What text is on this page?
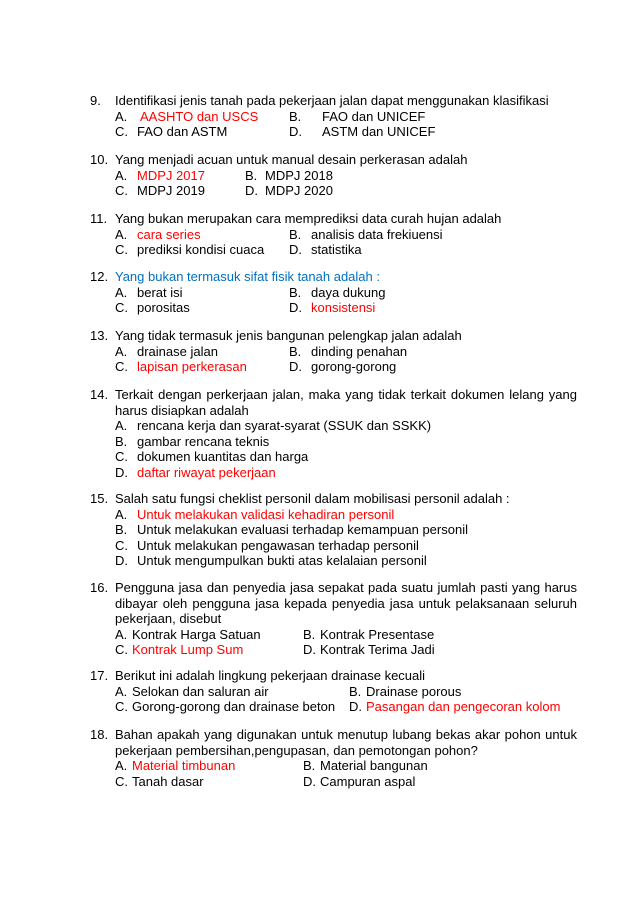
9. Identifikasi jenis tanah pada pekerjaan jalan dapat menggunakan klasifikasi
A. AASHTO dan USCS B. FAO dan UNICEF
C. FAO dan ASTM	D. ASTM dan UNICEF
10. Yang menjadi acuan untuk manual desain perkerasan adalah
A. MDPJ 2017	B. MDPJ 2018
C. MDPJ 2019	D. MDPJ 2020
11. Yang bukan merupakan cara memprediksi data curah hujan adalah
A. cara series	B. analisis data frekiuensi
C. prediksi kondisi cuaca D. statistika
12. Yang bukan termasuk sifat fisik tanah adalah :
A. berat isi	B. daya dukung
C. porositas	D. konsistensi
13. Yang tidak termasuk jenis bangunan pelengkap jalan adalah
A. drainase jalan	B. dinding penahan
C. lapisan perkerasan	D. gorong-gorong
14. Terkait dengan perkerjaan jalan, maka yang tidak terkait dokumen lelang yang harus disiapkan adalah
A. rencana kerja dan syarat-syarat (SSUK dan SSKK)
B. gambar rencana teknis
C. dokumen kuantitas dan harga
D. daftar riwayat pekerjaan
15. Salah satu fungsi cheklist personil dalam mobilisasi personil adalah :
A. Untuk melakukan validasi kehadiran personil
B. Untuk melakukan evaluasi terhadap kemampuan personil
C. Untuk melakukan pengawasan terhadap personil
D. Untuk mengumpulkan bukti atas kelalaian personil
16. Pengguna jasa dan penyedia jasa sepakat pada suatu jumlah pasti yang harus dibayar oleh pengguna jasa kepada penyedia jasa untuk pelaksanaan seluruh pekerjaan, disebut
A. Kontrak Harga Satuan	B. Kontrak Presentase
C. Kontrak Lump Sum	D. Kontrak Terima Jadi
17. Berikut ini adalah lingkung pekerjaan drainase kecuali
A. Selokan dan saluran air	B. Drainase porous
C. Gorong-gorong dan drainase beton D. Pasangan dan pengecoran kolom
18. Bahan apakah yang digunakan untuk menutup lubang bekas akar pohon untuk pekerjaan pembersihan,pengupasan, dan pemotongan pohon?
A. Material timbunan	B. Material bangunan
C. Tanah dasar	D. Campuran aspal
